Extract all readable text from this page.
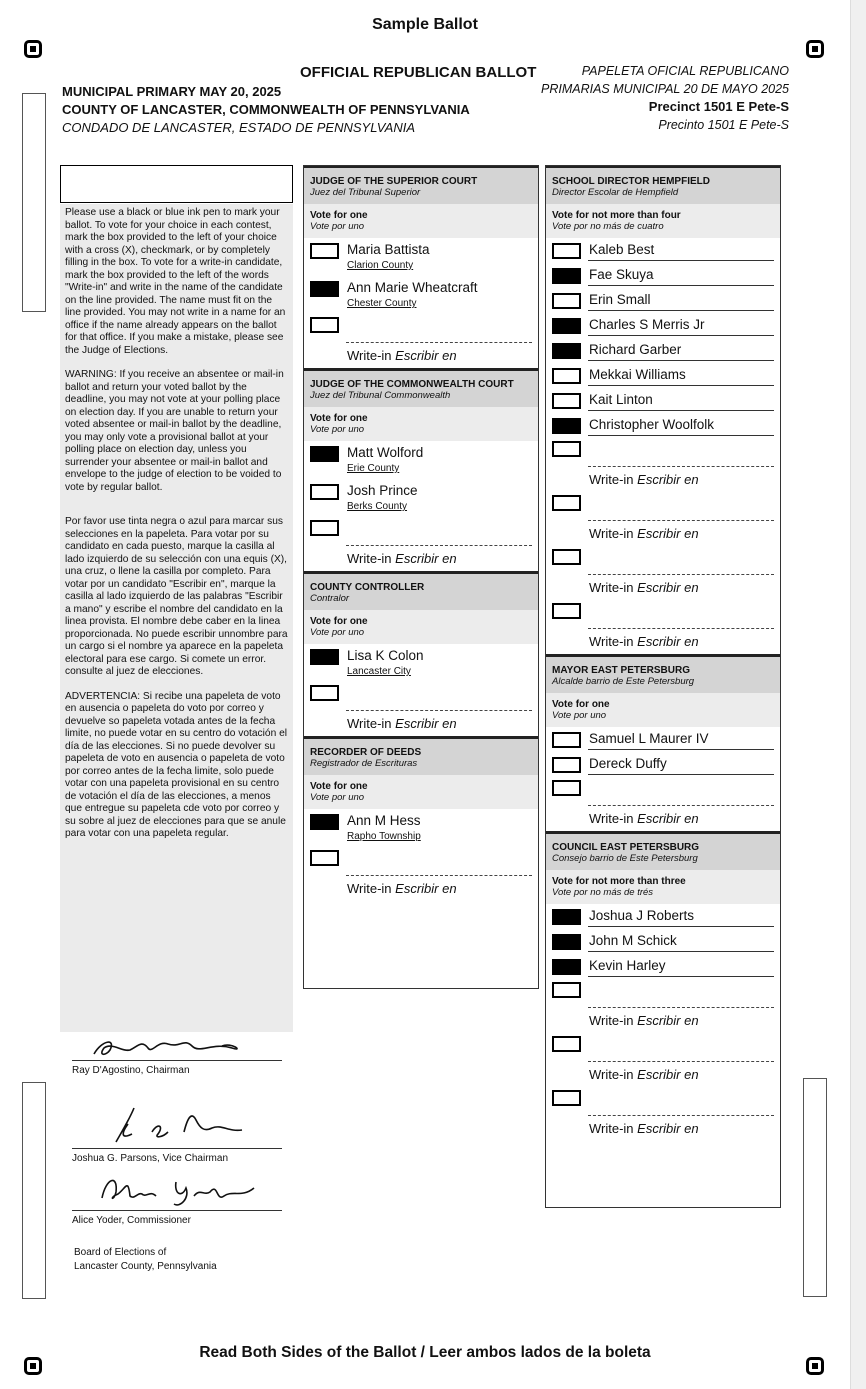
Sample Ballot
OFFICIAL REPUBLICAN BALLOT
MUNICIPAL PRIMARY MAY 20, 2025
COUNTY OF LANCASTER, COMMONWEALTH OF PENNSYLVANIA
CONDADO DE LANCASTER, ESTADO DE PENNSYLVANIA
PAPELETA OFICIAL REPUBLICANO
PRIMARIAS MUNICIPAL 20 DE MAYO 2025
Precinct 1501 E Pete-S
Precinto 1501 E Pete-S

Please use a black or blue ink pen to mark your ballot. To vote for your choice in each contest, mark the box provided to the left of your choice with a cross (X), checkmark, or by completely filling in the box. To vote for a write-in candidate, mark the box provided to the left of the words "Write-in" and write in the name of the candidate on the line provided. The name must fit on the line provided. You may not write in a name for an office if the name already appears on the ballot for that office. If you make a mistake, please see the Judge of Elections.

WARNING: If you receive an absentee or mail-in ballot and return your voted ballot by the deadline, you may not vote at your polling place on election day. If you are unable to return your voted absentee or mail-in ballot by the deadline, you may only vote a provisional ballot at your polling place on election day, unless you surrender your absentee or mail-in ballot and envelope to the judge of election to be voided to vote by regular ballot.

Por favor use tinta negra o azul para marcar sus selecciones en la papeleta. Para votar por su candidato en cada puesto, marque la casilla al lado izquierdo de su selección con una equis (X), una cruz, o llene la casilla por completo. Para votar por un candidato "Escribir en", marque la casilla al lado izquierdo de las palabras "Escribir a mano" y escribe el nombre del candidato en la linea provista. El nombre debe caber en la linea proporcionada. No puede escribir unnombre para un cargo si el nombre ya aparece en la papeleta electoral para ese cargo. Si comete un error. consulte al juez de elecciones.

ADVERTENCIA: Si recibe una papeleta de voto en ausencia o papeleta do voto por correo y devuelve so papeleta votada antes de la fecha limite, no puede votar en su centro do votación el día de las elecciones. Si no puede devolver su papeleta de voto en ausencia o papeleta de voto por correo antes de la fecha limite, solo puede votar con una papeleta provisional en su centro de votación el día de las elecciones, a menos que entregue su papeleta cde voto por correo y su sobre al juez de elecciones para que se anule para votar con una papeleta regular.

Ray D'Agostino, Chairman
Joshua G. Parsons, Vice Chairman
Alice Yoder, Commissioner
Board of Elections of
Lancaster County, Pennsylvania
JUDGE OF THE SUPERIOR COURT
Juez del Tribunal Superior
Vote for one
Vote por uno
Maria Battista
Clarion County
Ann Marie Wheatcraft
Chester County
Write-in Escribir en
JUDGE OF THE COMMONWEALTH COURT
Juez del Tribunal Commonwealth
Vote for one
Vote por uno
Matt Wolford
Erie County
Josh Prince
Berks County
Write-in Escribir en
COUNTY CONTROLLER
Contralor
Vote for one
Vote por uno
Lisa K Colon
Lancaster City
Write-in Escribir en
RECORDER OF DEEDS
Registrador de Escrituras
Vote for one
Vote por uno
Ann M Hess
Rapho Township
Write-in Escribir en
SCHOOL DIRECTOR HEMPFIELD
Director Escolar de Hempfield
Vote for not more than four
Vote por no más de cuatro
Kaleb Best
Fae Skuya
Erin Small
Charles S Merris Jr
Richard Garber
Mekkai Williams
Kait Linton
Christopher Woolfolk
Write-in Escribir en
Write-in Escribir en
Write-in Escribir en
Write-in Escribir en
MAYOR EAST PETERSBURG
Alcalde barrio de Este Petersburg
Vote for one
Vote por uno
Samuel L Maurer IV
Dereck Duffy
Write-in Escribir en
COUNCIL EAST PETERSBURG
Consejo barrio de Este Petersburg
Vote for not more than three
Vote por no más de trés
Joshua J Roberts
John M Schick
Kevin Harley
Write-in Escribir en
Write-in Escribir en
Write-in Escribir en
Read Both Sides of the Ballot / Leer ambos lados de la boleta
